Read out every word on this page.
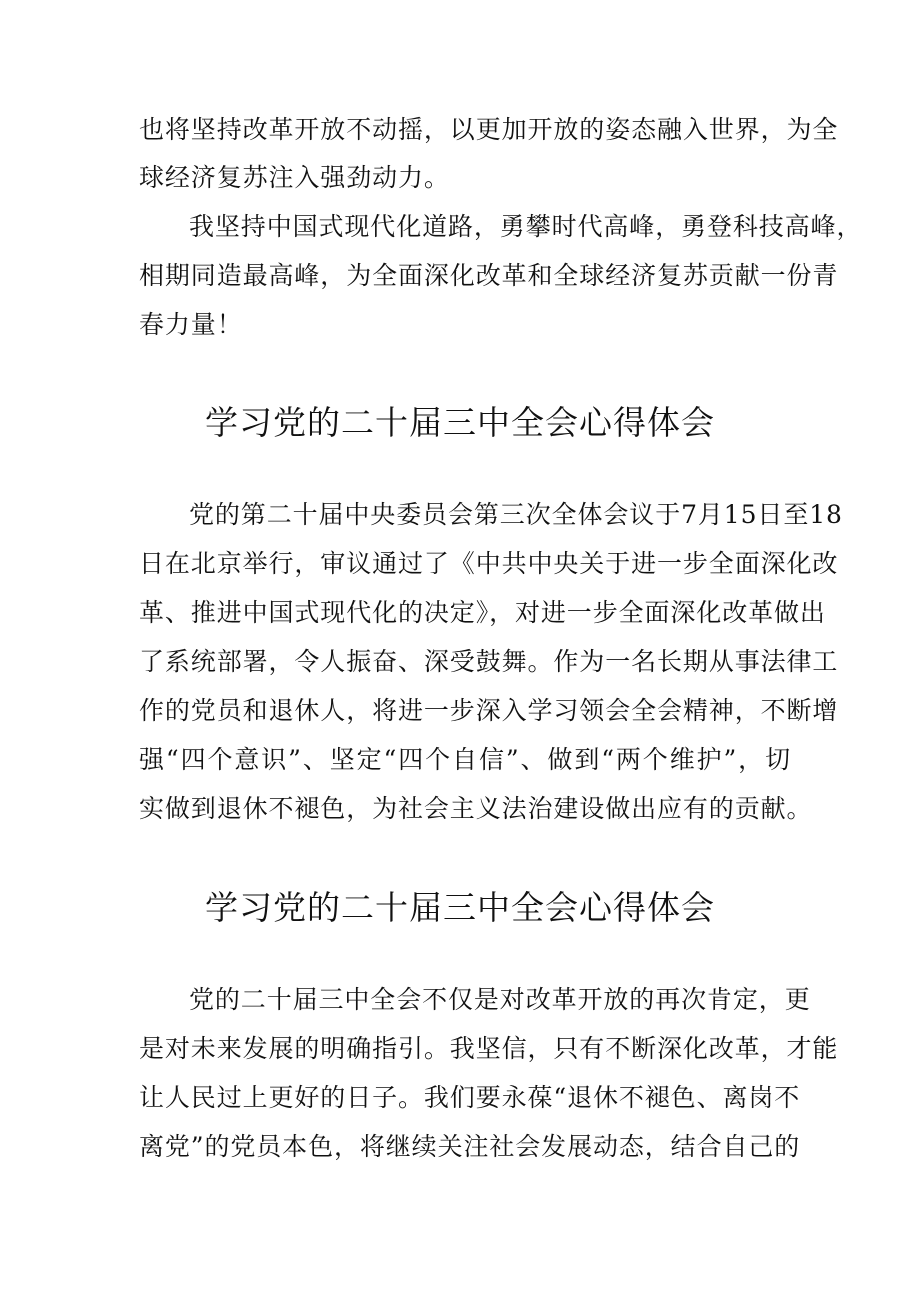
也将坚持改革开放不动摇，以更加开放的姿态融入世界，为全
球经济复苏注入强劲动力。
我坚持中国式现代化道路，勇攀时代高峰，勇登科技高峰，
相期同造最高峰，为全面深化改革和全球经济复苏贡献一份青
春力量！
学习党的二十届三中全会心得体会
党的第二十届中央委员会第三次全体会议于7月15日至18
日在北京举行，审议通过了《中共中央关于进一步全面深化改
革、推进中国式现代化的决定》，对进一步全面深化改革做出
了系统部署，令人振奋、深受鼓舞。作为一名长期从事法律工
作的党员和退休人，将进一步深入学习领会全会精神，不断增
强“四个意识”、坚定“四个自信”、做到“两个维护”，切
实做到退休不褪色，为社会主义法治建设做出应有的贡献。
学习党的二十届三中全会心得体会
党的二十届三中全会不仅是对改革开放的再次肯定，更
是对未来发展的明确指引。我坚信，只有不断深化改革，才能
让人民过上更好的日子。我们要永葆“退休不褪色、离岗不
离党”的党员本色，将继续关注社会发展动态，结合自己的
